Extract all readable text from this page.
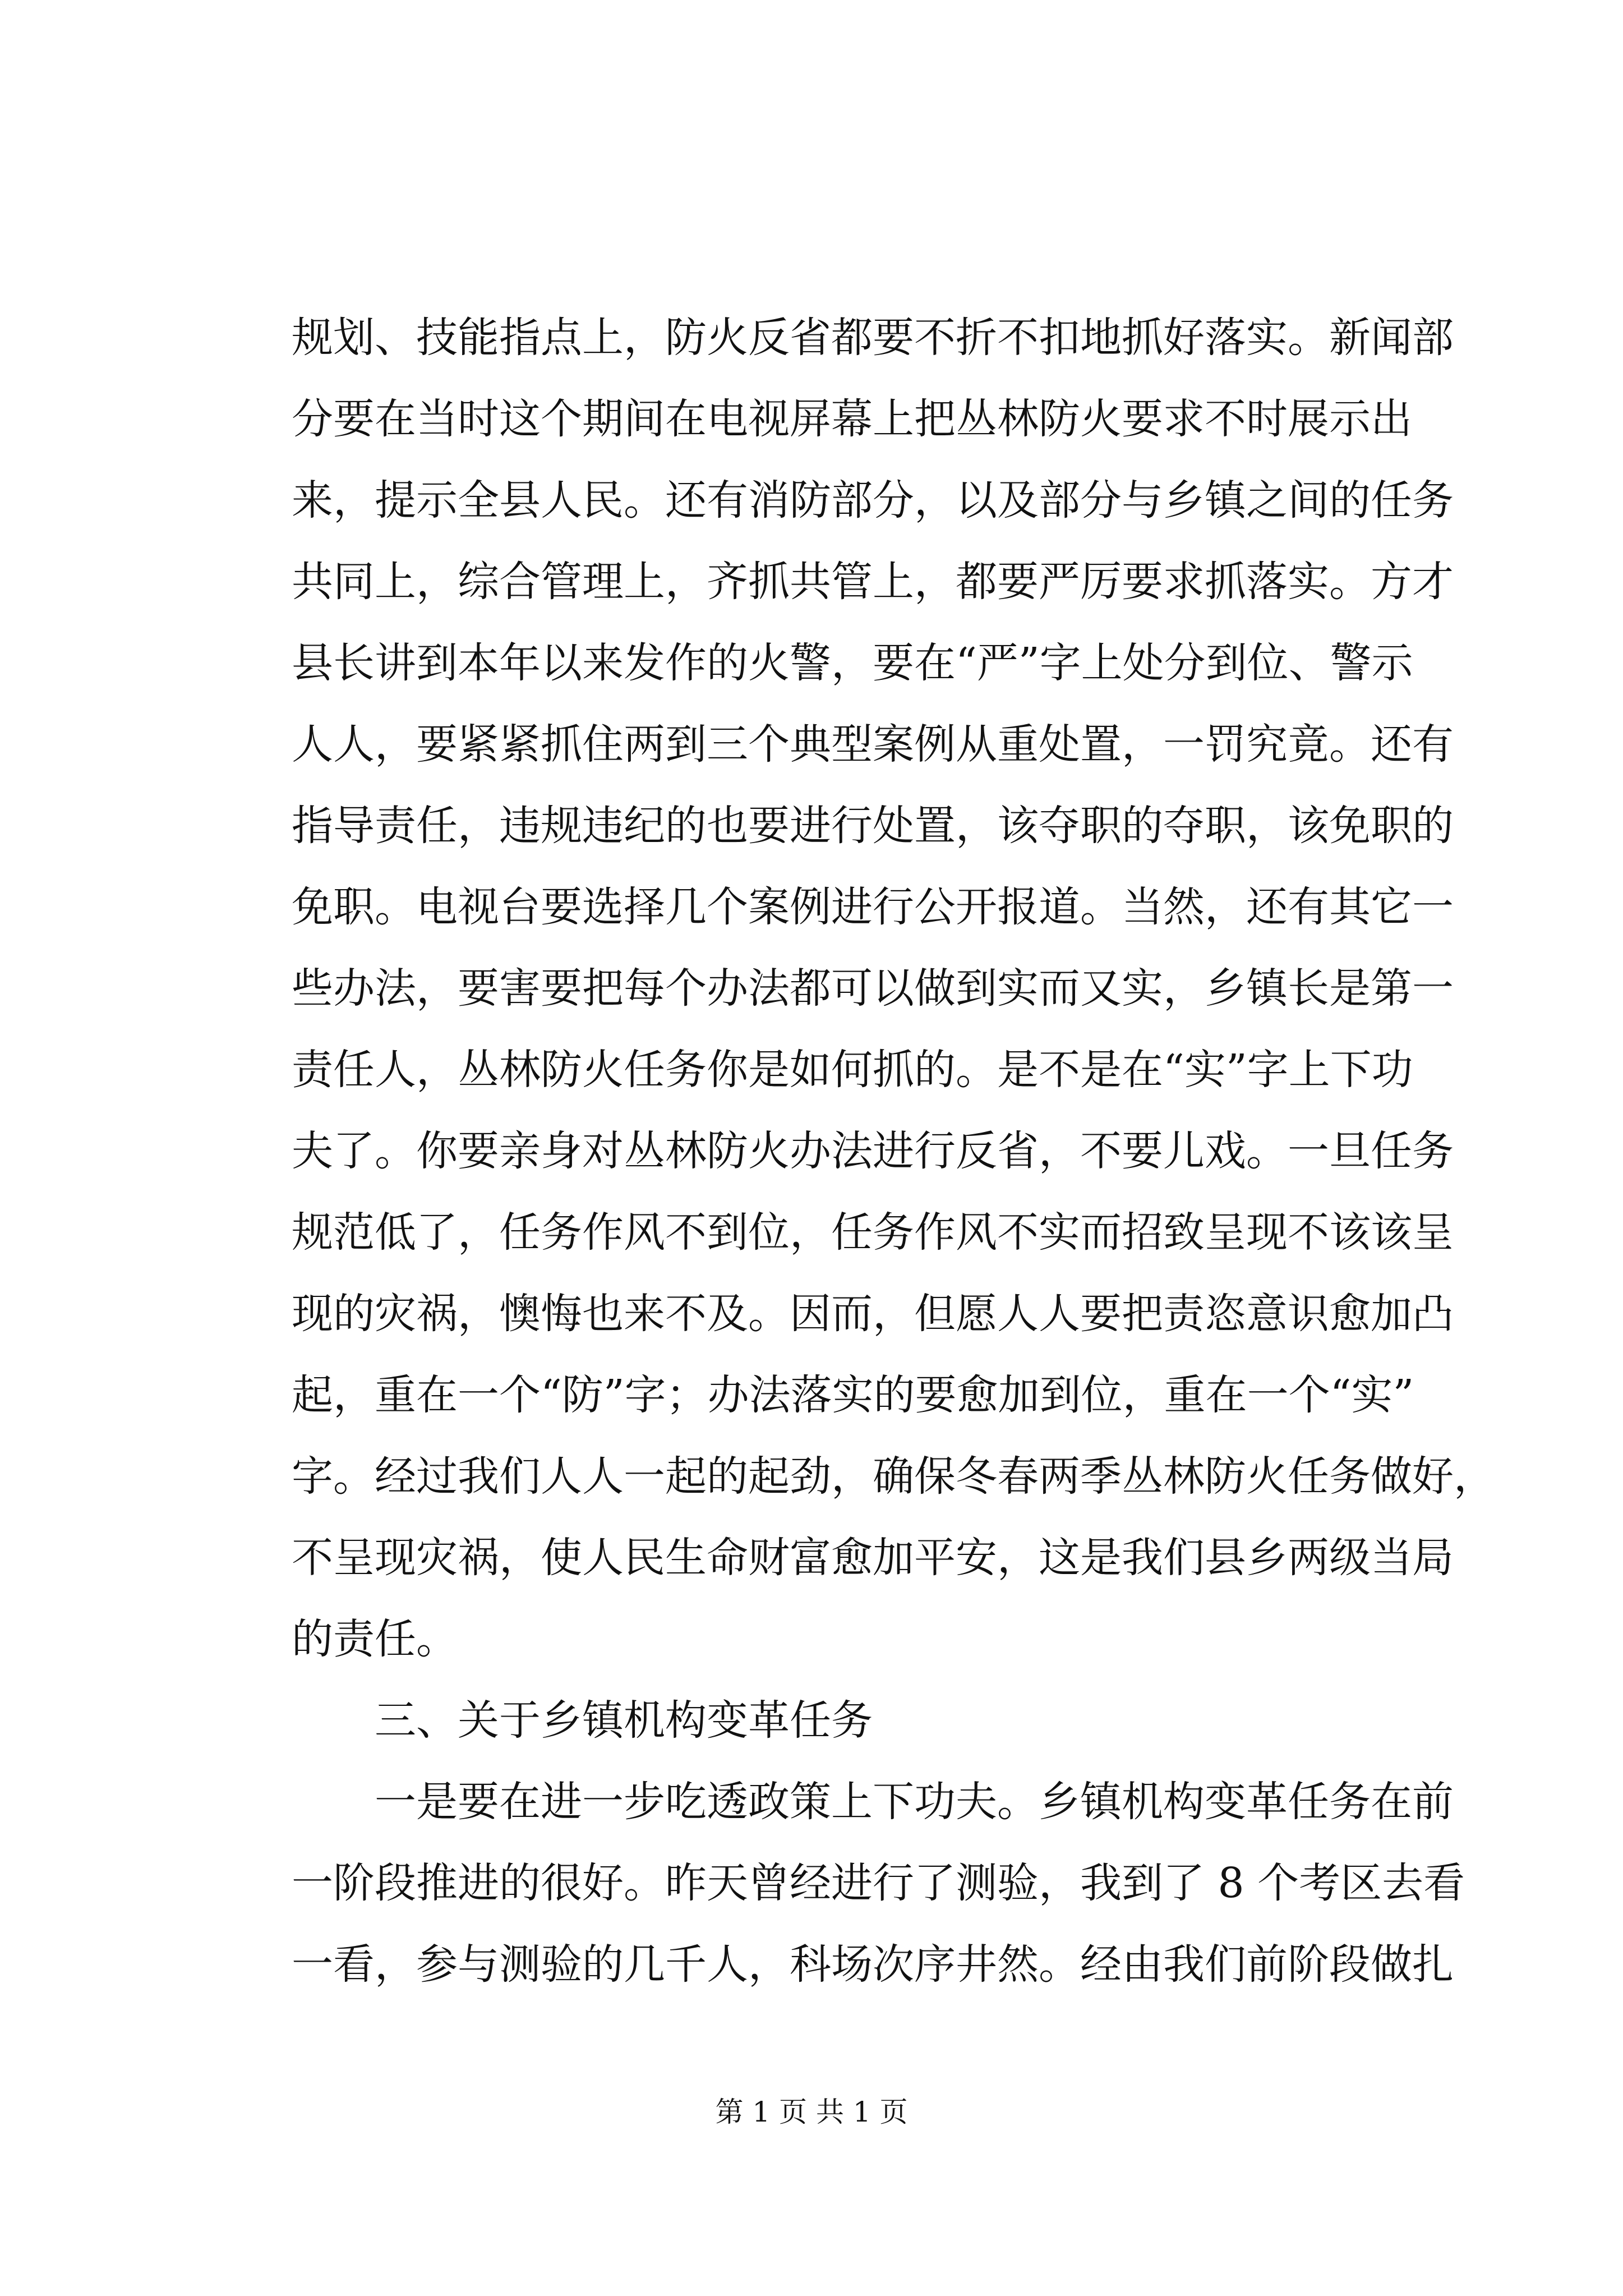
规划、技能指点上，防火反省都要不折不扣地抓好落实。新闻部
分要在当时这个期间在电视屏幕上把丛林防火要求不时展示出
来，提示全县人民。还有消防部分，以及部分与乡镇之间的任务
共同上，综合管理上，齐抓共管上，都要严厉要求抓落实。方才
县长讲到本年以来发作的火警，要在“严”字上处分到位、警示
人人，要紧紧抓住两到三个典型案例从重处置，一罚究竟。还有
指导责任，违规违纪的也要进行处置，该夺职的夺职，该免职的
免职。电视台要选择几个案例进行公开报道。当然，还有其它一
些办法，要害要把每个办法都可以做到实而又实，乡镇长是第一
责任人，丛林防火任务你是如何抓的。是不是在“实”字上下功
夫了。你要亲身对丛林防火办法进行反省，不要儿戏。一旦任务
规范低了，任务作风不到位，任务作风不实而招致呈现不该该呈
现的灾祸，懊悔也来不及。因而，但愿人人要把责恣意识愈加凸
起，重在一个“防”字；办法落实的要愈加到位，重在一个“实”
字。经过我们人人一起的起劲，确保冬春两季丛林防火任务做好，
不呈现灾祸，使人民生命财富愈加平安，这是我们县乡两级当局
的责任。
三、关于乡镇机构变革任务
一是要在进一步吃透政策上下功夫。乡镇机构变革任务在前
一阶段推进的很好。昨天曾经进行了测验，我到了 8 个考区去看
一看，参与测验的几千人，科场次序井然。经由我们前阶段做扎
第 1 页 共 1 页
